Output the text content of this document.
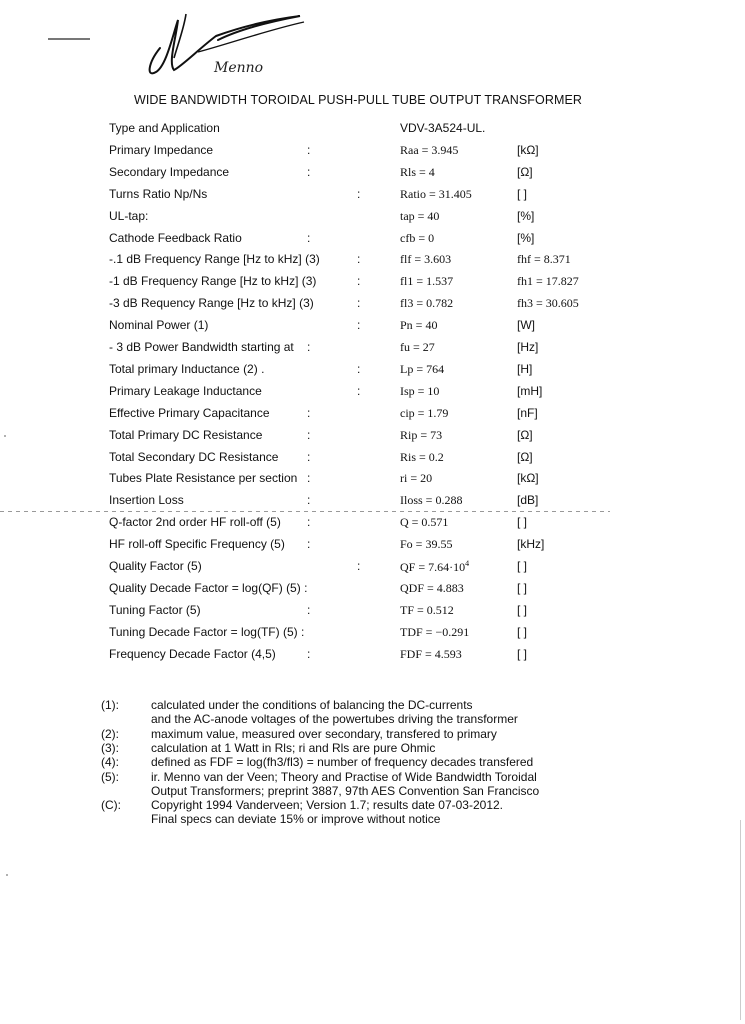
Menno
WIDE BANDWIDTH TOROIDAL PUSH-PULL TUBE OUTPUT TRANSFORMER
Type and Application	VDV-3A524-UL.
Primary Impedance	:	Raa = 3.945	[kΩ]
Secondary Impedance	:	Rls = 4	[Ω]
Turns Ratio Np/Ns	:	Ratio = 31.405	[ ]
UL-tap:	tap = 40	[%]
Cathode Feedback Ratio	:	cfb = 0	[%]
-.1 dB Frequency Range [Hz to kHz] (3)	:	flf = 3.603	fhf = 8.371
-1 dB Frequency Range [Hz to kHz] (3)	:	fl1 = 1.537	fh1 = 17.827
-3 dB Requency Range [Hz to kHz] (3)	:	fl3 = 0.782	fh3 = 30.605
Nominal Power (1)	:	Pn = 40	[W]
- 3 dB Power Bandwidth starting at :	fu = 27	[Hz]
Total primary Inductance (2) .	:	Lp = 764	[H]
Primary Leakage Inductance	:	Isp = 10	[mH]
Effective Primary Capacitance	:	cip = 1.79	[nF]
Total Primary DC Resistance	:	Rip = 73	[Ω]
Total Secondary DC Resistance :	Ris = 0.2	[Ω]
Tubes Plate Resistance per section :	ri = 20	[kΩ]
Insertion Loss	:	Iloss = 0.288	[dB]
Q-factor 2nd order HF roll-off (5) :	Q = 0.571	[ ]
HF roll-off Specific Frequency (5) :	Fo = 39.55	[kHz]
Quality Factor (5)	:	QF = $7.64\cdot 10^4$	[ ]
Quality Decade Factor = log(QF) (5) :	QDF = 4.883	[ ]
Tuning Factor (5)	:	TF = 0.512	[ ]
Tuning Decade Factor = log(TF) (5) :	TDF = −0.291	[ ]
Frequency Decade Factor (4,5)	:	FDF = 4.593	[ ]
(1):	calculated under the conditions of balancing the DC-currents
and the AC-anode voltages of the powertubes driving the transformer
(2):	maximum value, measured over secondary, transfered to primary
(3):	calculation at 1 Watt in Rls; ri and Rls are pure Ohmic
(4):	defined as FDF = log(fh3/fl3) = number of frequency decades transfered
(5):	ir. Menno van der Veen; Theory and Practise of Wide Bandwidth Toroidal
Output Transformers; preprint 3887, 97th AES Convention San Francisco
(C):	Copyright 1994 Vanderveen; Version 1.7; results date 07-03-2012.
Final specs can deviate 15% or improve without notice
